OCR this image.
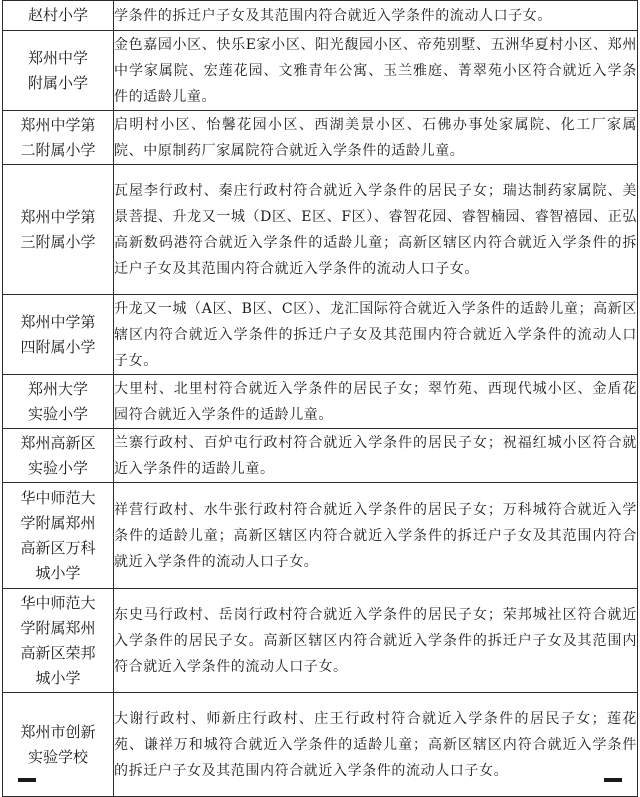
赵村小学	学条件的拆迁户子女及其范围内符合就近入学条件的流动人口子女。

郑州中学
附属小学	金色嘉园小区、快乐E家小区、阳光馥园小区、帝苑别墅、五洲华夏村小区、郑州中学家属院、宏莲花园、文雅青年公寓、玉兰雅庭、菁翠苑小区符合就近入学条件的适龄儿童。

郑州中学第
二附属小学	启明村小区、怡馨花园小区、西湖美景小区、石佛办事处家属院、化工厂家属院、中原制药厂家属院符合就近入学条件的适龄儿童。

郑州中学第
三附属小学	瓦屋李行政村、秦庄行政村符合就近入学条件的居民子女；瑞达制药家属院、美景菩提、升龙又一城（D区、E区、F区）、睿智花园、睿智楠园、睿智禧园、正弘高新数码港符合就近入学条件的适龄儿童；高新区辖区内符合就近入学条件的拆迁户子女及其范围内符合就近入学条件的流动人口子女。

郑州中学第
四附属小学	升龙又一城（A区、B区、C区）、龙汇国际符合就近入学条件的适龄儿童；高新区辖区内符合就近入学条件的拆迁户子女及其范围内符合就近入学条件的流动人口子女。

郑州大学
实验小学	大里村、北里村符合就近入学条件的居民子女；翠竹苑、西现代城小区、金盾花园符合就近入学条件的适龄儿童。

郑州高新区
实验小学	兰寨行政村、百炉屯行政村符合就近入学条件的居民子女；祝福红城小区符合就近入学条件的适龄儿童。

华中师范大
学附属郑州
高新区万科
城小学	祥营行政村、水牛张行政村符合就近入学条件的居民子女；万科城符合就近入学条件的适龄儿童；高新区辖区内符合就近入学条件的拆迁户子女及其范围内符合就近入学条件的流动人口子女。

华中师范大
学附属郑州
高新区荣邦
城小学	东史马行政村、岳岗行政村符合就近入学条件的居民子女；荣邦城社区符合就近入学条件的居民子女。高新区辖区内符合就近入学条件的拆迁户子女及其范围内符合就近入学条件的流动人口子女。

郑州市创新
实验学校	大谢行政村、师新庄行政村、庄王行政村符合就近入学条件的居民子女；莲花苑、谦祥万和城符合就近入学条件的适龄儿童；高新区辖区内符合就近入学条件的拆迁户子女及其范围内符合就近入学条件的流动人口子女。
